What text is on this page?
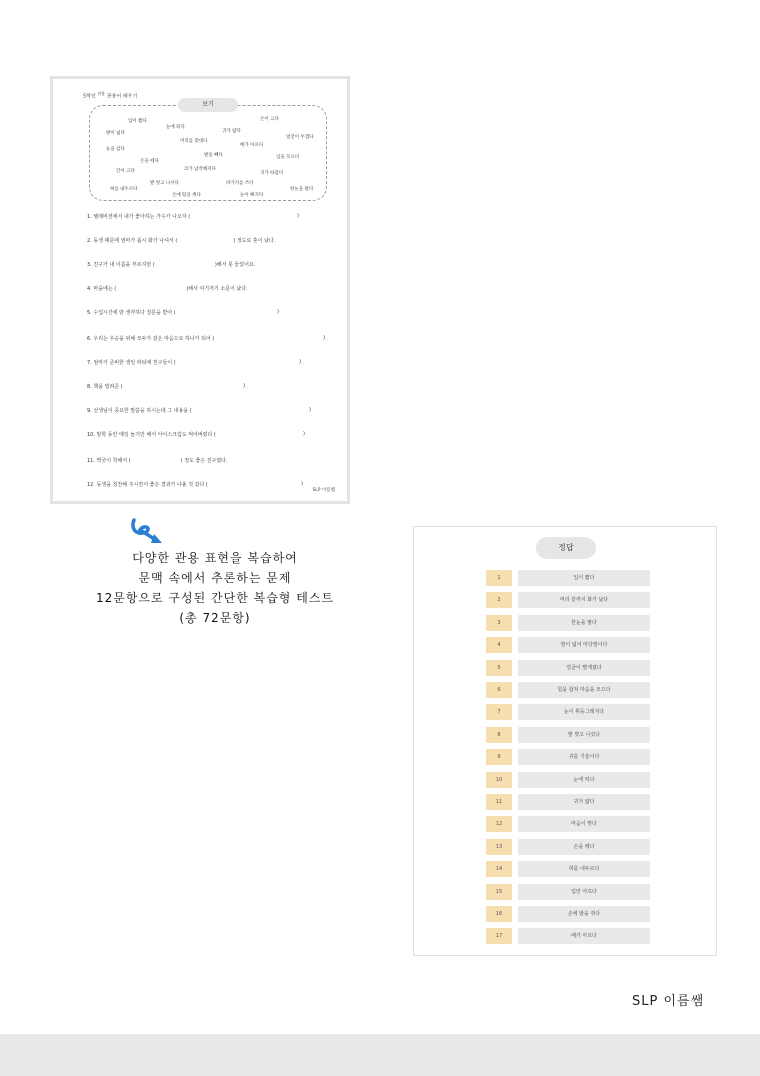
5학년 $^{관용}$ 관용어 배우기
보기
입이 짧다
눈에 띄다
손이 크다
발이 넓다	귀가 얇다
얼굴이 두껍다
머리를 맞대다
배가 아프다
눈을 감다
발을 빼다	입을 모으다
손을 떼다
간이 크다	코가 납작해지다
귀가 따갑다
발 벗고 나서다	바가지를 쓰다
혀를 내두르다	한눈을 팔다
손에 땀을 쥐다	눈이 빠지다
1. 텔레비전에서 내가 좋아하는 가수가 나오자 (	)
2. 동생 때문에 엄마가 몹시 화가 나셔서 (	) 정도로 혼이 났다.
3. 친구가 내 이름을 부르지만 (	)해서 못 들었어요.
4. 마을에는 (	)해서 여기저기 소문이 났다.
5. 수업시간에 딴 생각하다 질문을 받아 (	)
6. 우리는 우승을 위해 모두가 같은 마음으로 하나가 되어 (	)
7. 엄마가 준비한 생일 파티에 친구들이 (	)
8. 책을 빌려준 (	)
9. 선생님이 중요한 말씀을 하시는데 그 내용을 (	)
10. 방학 동안 매일 놀기만 해서 아이스크림도 먹어버렸다 (	)
11. 짝궁이 착해서 (	) 정도 좋은 친구였다.
12. 동생을 칭찬해 주시면서 좋은 결과가 나올 것 같다 (	)
SLP 이름쌤
다양한 관용 표현을 복습하여
문맥 속에서 추론하는 문제
12문항으로 구성된 간단한 복습형 테스트
(총 72문항)
정답
1	입이 짧다
2	머리 끝까지 화가 났다
3	한눈을 팔다
4	발이 넓어 마당발이다
5	얼굴이 빨개졌다
6	힘을 합쳐 마음을 모으다
7	눈이 휘둥그레지다
8	발 벗고 나섰다
9	귀를 기울이다
10	눈에 띄다
11	귀가 얇다
12	마음이 맞다
13	손을 떼다
14	혀를 내두르다
15	입만 아프다
16	손에 땀을 쥐다
17	배가 아프다
SLP 이름쌤
